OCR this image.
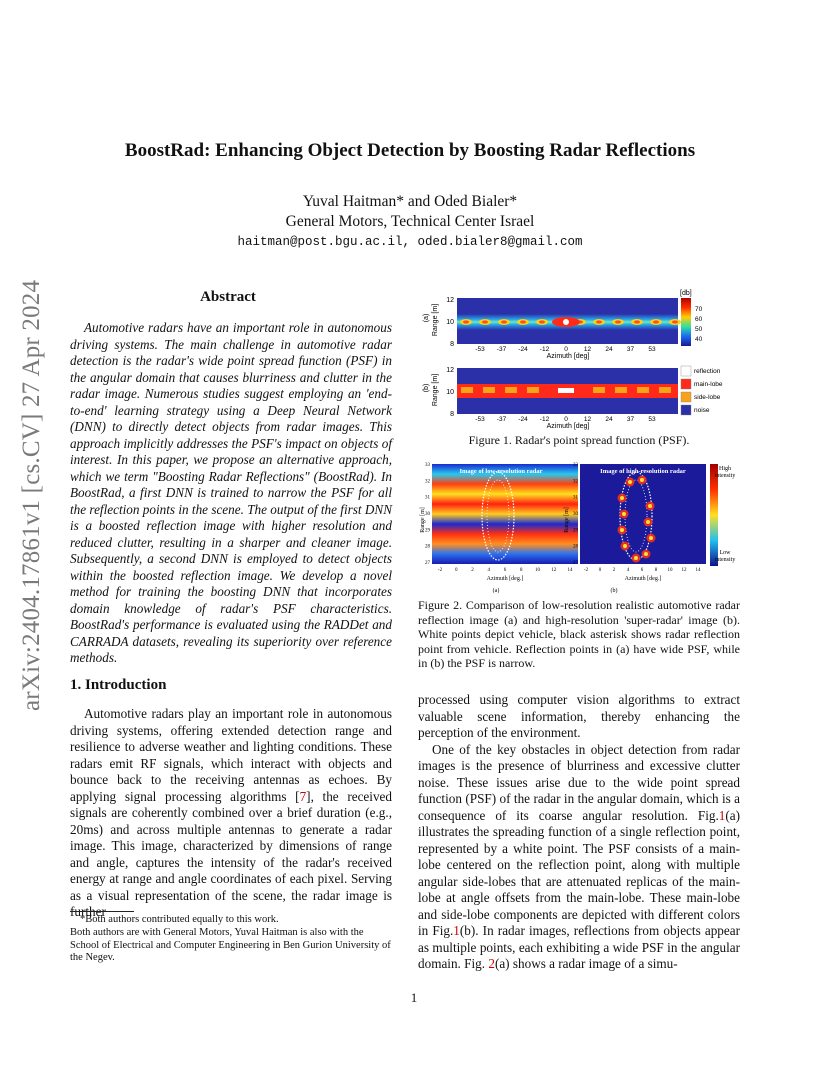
arXiv:2404.17861v1 [cs.CV] 27 Apr 2024
BoostRad: Enhancing Object Detection by Boosting Radar Reflections
Yuval Haitman* and Oded Bialer*
General Motors, Technical Center Israel
haitman@post.bgu.ac.il, oded.bialer8@gmail.com
Abstract
Automotive radars have an important role in autonomous driving systems. The main challenge in automotive radar detection is the radar's wide point spread function (PSF) in the angular domain that causes blurriness and clutter in the radar image. Numerous studies suggest employing an 'end-to-end' learning strategy using a Deep Neural Network (DNN) to directly detect objects from radar images. This approach implicitly addresses the PSF's impact on objects of interest. In this paper, we propose an alternative approach, which we term "Boosting Radar Reflections" (BoostRad). In BoostRad, a first DNN is trained to narrow the PSF for all the reflection points in the scene. The output of the first DNN is a boosted reflection image with higher resolution and reduced clutter, resulting in a sharper and cleaner image. Subsequently, a second DNN is employed to detect objects within the boosted reflection image. We develop a novel method for training the boosting DNN that incorporates domain knowledge of radar's PSF characteristics. BoostRad's performance is evaluated using the RADDet and CARRADA datasets, revealing its superiority over reference methods.
1. Introduction
Automotive radars play an important role in autonomous driving systems, offering extended detection range and resilience to adverse weather and lighting conditions. These radars emit RF signals, which interact with objects and bounce back to the receiving antennas as echoes. By applying signal processing algorithms [7], the received signals are coherently combined over a brief duration (e.g., 20ms) and across multiple antennas to generate a radar image. This image, characterized by dimensions of range and angle, captures the intensity of the radar's received energy at range and angle coordinates of each pixel. Serving as a visual representation of the scene, the radar image is further
*Both authors contributed equally to this work.
Both authors are with General Motors, Yuval Haitman is also with the School of Electrical and Computer Engineering in Ben Gurion University of the Negev.
(a) Range [m]
12
10
8
-53 -37 -24 -12 0 12 24 37 53
Azimuth [deg]
[db]
70
60
50
40
(b) Range [m]
12
10
8
-53 -37 -24 -12 0 12 24 37 53
Azimuth [deg]
reflection
main-lobe
side-lobe
noise
Figure 1. Radar's point spread function (PSF).
Range [m]
Image of low-resolution radar
33
32
31
30
29
28
27
-2	0	2	4	6	8	10 12 14
Azimuth [deg.]
(a)
Range [m]
Image of high-resolution radar
33
32
31
30
29
28
27
-2 0 2 4 6 8 10 12 14
Azimuth [deg.]
(b)
High intensity
Low intensity
Figure 2. Comparison of low-resolution realistic automotive radar reflection image (a) and high-resolution 'super-radar' image (b). White points depict vehicle, black asterisk shows radar reflection point from vehicle. Reflection points in (a) have wide PSF, while in (b) the PSF is narrow.

processed using computer vision algorithms to extract valuable scene information, thereby enhancing the perception of the environment.

One of the key obstacles in object detection from radar images is the presence of blurriness and excessive clutter noise. These issues arise due to the wide point spread function (PSF) of the radar in the angular domain, which is a consequence of its coarse angular resolution. Fig.1(a) illustrates the spreading function of a single reflection point, represented by a white point. The PSF consists of a main-lobe centered on the reflection point, along with multiple angular side-lobes that are attenuated replicas of the main-lobe at angle offsets from the main-lobe. These main-lobe and side-lobe components are depicted with different colors in Fig.1(b). In radar images, reflections from objects appear as multiple points, each exhibiting a wide PSF in the angular domain. Fig. 2(a) shows a radar image of a simu-

1
